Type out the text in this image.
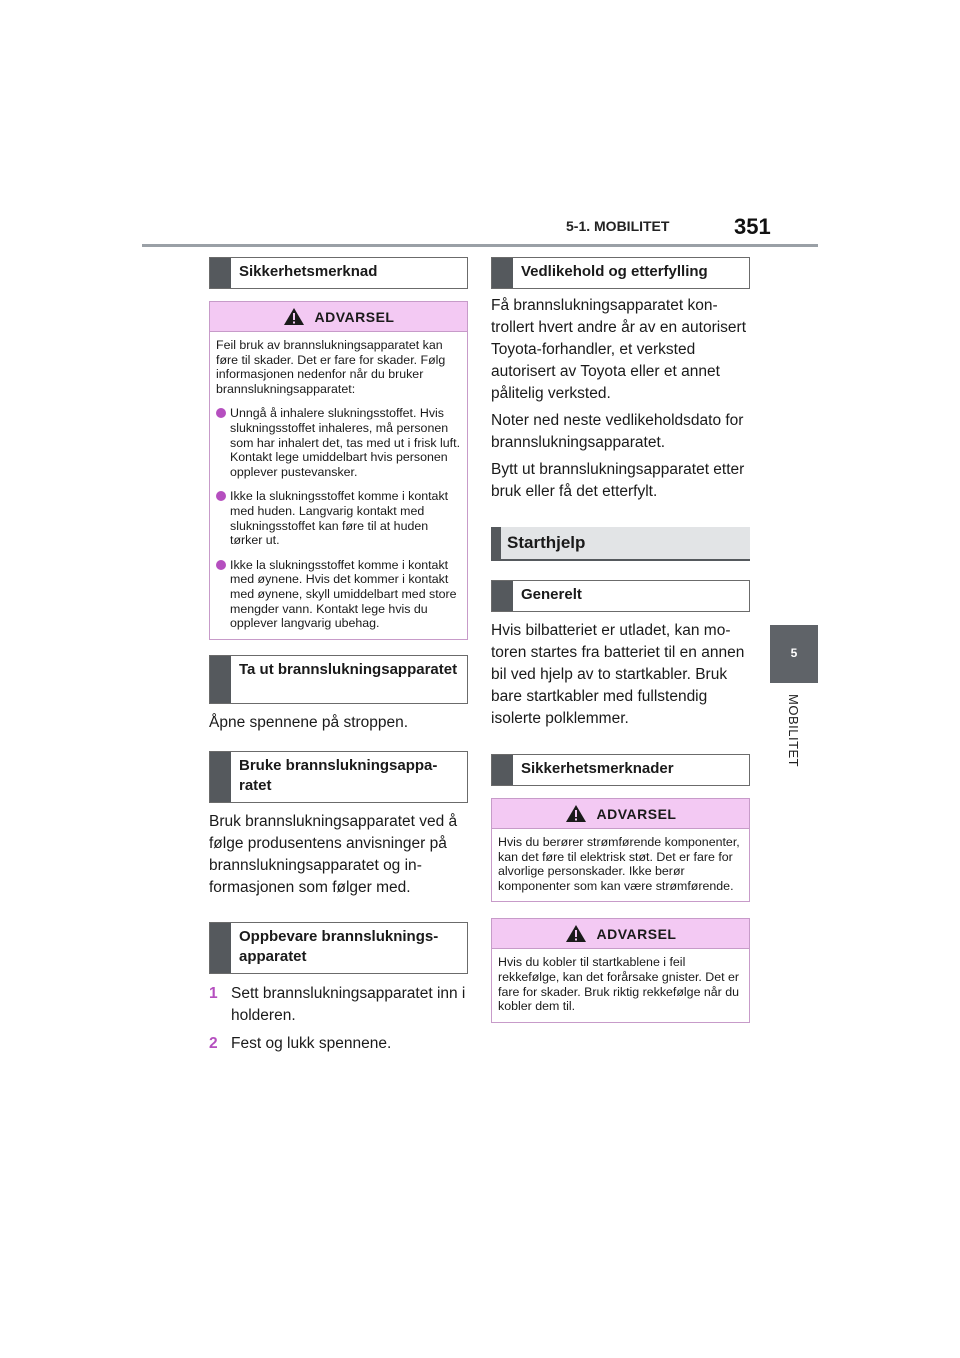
5-1. MOBILITET	351
5
MOBILITET
Sikkerhetsmerknad
ADVARSEL

Feil bruk av brannslukningsapparatet kan føre til skader. Det er fare for skader. Følg informasjonen nedenfor når du bruker brannslukningsapparatet:

Unngå å inhalere slukningsstoffet. Hvis slukningsstoffet inhaleres, må personen som har inhalert det, tas med ut i frisk luft. Kontakt lege umiddelbart hvis personen opplever pustevansker.
Ikke la slukningsstoffet komme i kontakt med huden. Langvarig kontakt med slukningsstoffet kan føre til at huden tørker ut.
Ikke la slukningsstoffet komme i kontakt med øynene. Hvis det kommer i kontakt med øynene, skyll umiddelbart med store mengder vann. Kontakt lege hvis du opplever langvarig ubehag.
Ta ut brannslukningsapparatet
Åpne spennene på stroppen.
Bruke brannslukningsapparatet
Bruk brannslukningsapparatet ved å følge produsentens anvisninger på brannslukningsapparatet og informasjonen som følger med.
Oppbevare brannslukningsapparatet
1 Sett brannslukningsapparatet inn i holderen.
2 Fest og lukk spennene.
Vedlikehold og etterfylling
Få brannslukningsapparatet kontrollert hvert andre år av en autorisert Toyota-forhandler, et verksted autorisert av Toyota eller et annet pålitelig verksted.
Noter ned neste vedlikeholdsdato for brannslukningsapparatet.
Bytt ut brannslukningsapparatet etter bruk eller få det etterfylt.
Starthjelp
Generelt
Hvis bilbatteriet er utladet, kan motoren startes fra batteriet til en annen bil ved hjelp av to startkabler. Bruk bare startkabler med fullstendig isolerte polklemmer.
Sikkerhetsmerknader
ADVARSEL

Hvis du berører strømførende komponenter, kan det føre til elektrisk støt. Det er fare for alvorlige personskader. Ikke berør komponenter som kan være strømførende.

ADVARSEL

Hvis du kobler til startkablene i feil rekkefølge, kan det forårsake gnister. Det er fare for skader. Bruk riktig rekkefølge når du kobler dem til.
